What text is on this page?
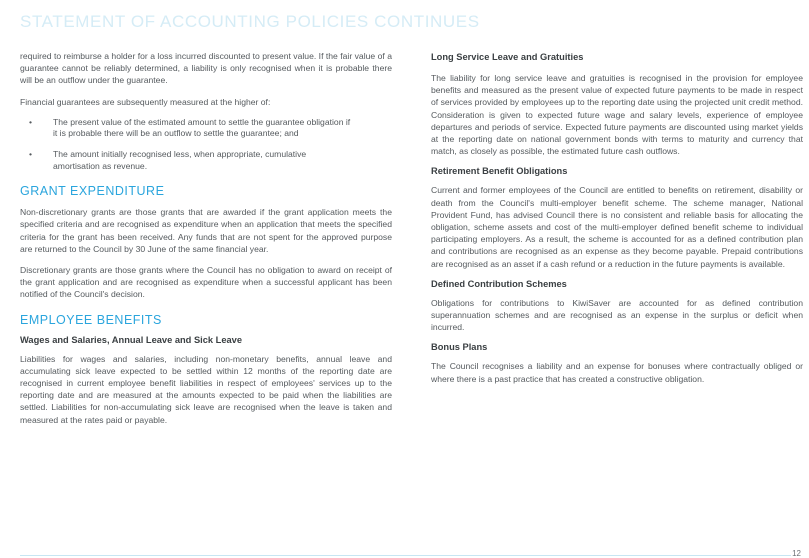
STATEMENT OF ACCOUNTING POLICIES CONTINUES

required to reimburse a holder for a loss incurred discounted to present value. If the fair value of a guarantee cannot be reliably determined, a liability is only recognised when it is probable there will be an outflow under the guarantee.

Financial guarantees are subsequently measured at the higher of:

• The present value of the estimated amount to settle the guarantee obligation if it is probable there will be an outflow to settle the guarantee; and
• The amount initially recognised less, when appropriate, cumulative amortisation as revenue.
GRANT EXPENDITURE

Non-discretionary grants are those grants that are awarded if the grant application meets the specified criteria and are recognised as expenditure when an application that meets the specified criteria for the grant has been received. Any funds that are not spent for the approved purpose are returned to the Council by 30 June of the same financial year.

Discretionary grants are those grants where the Council has no obligation to award on receipt of the grant application and are recognised as expenditure when a successful applicant has been notified of the Council's decision.

EMPLOYEE BENEFITS
Wages and Salaries, Annual Leave and Sick Leave

Liabilities for wages and salaries, including non-monetary benefits, annual leave and accumulating sick leave expected to be settled within 12 months of the reporting date are recognised in current employee benefit liabilities in respect of employees' services up to the reporting date and are measured at the amounts expected to be paid when the liabilities are settled. Liabilities for non-accumulating sick leave are recognised when the leave is taken and measured at the rates paid or payable.

Long Service Leave and Gratuities

The liability for long service leave and gratuities is recognised in the provision for employee benefits and measured as the present value of expected future payments to be made in respect of services provided by employees up to the reporting date using the projected unit credit method. Consideration is given to expected future wage and salary levels, experience of employee departures and periods of service. Expected future payments are discounted using market yields at the reporting date on national government bonds with terms to maturity and currency that match, as closely as possible, the estimated future cash outflows.

Retirement Benefit Obligations

Current and former employees of the Council are entitled to benefits on retirement, disability or death from the Council's multi-employer benefit scheme. The scheme manager, National Provident Fund, has advised Council there is no consistent and reliable basis for allocating the obligation, scheme assets and cost of the multi-employer defined benefit scheme to individual participating employers. As a result, the scheme is accounted for as a defined contribution plan and contributions are recognised as an expense as they become payable. Prepaid contributions are recognised as an asset if a cash refund or a reduction in the future payments is available.

Defined Contribution Schemes

Obligations for contributions to KiwiSaver are accounted for as defined contribution superannuation schemes and are recognised as an expense in the surplus or deficit when incurred.

Bonus Plans

The Council recognises a liability and an expense for bonuses where contractually obliged or where there is a past practice that has created a constructive obligation.

12
